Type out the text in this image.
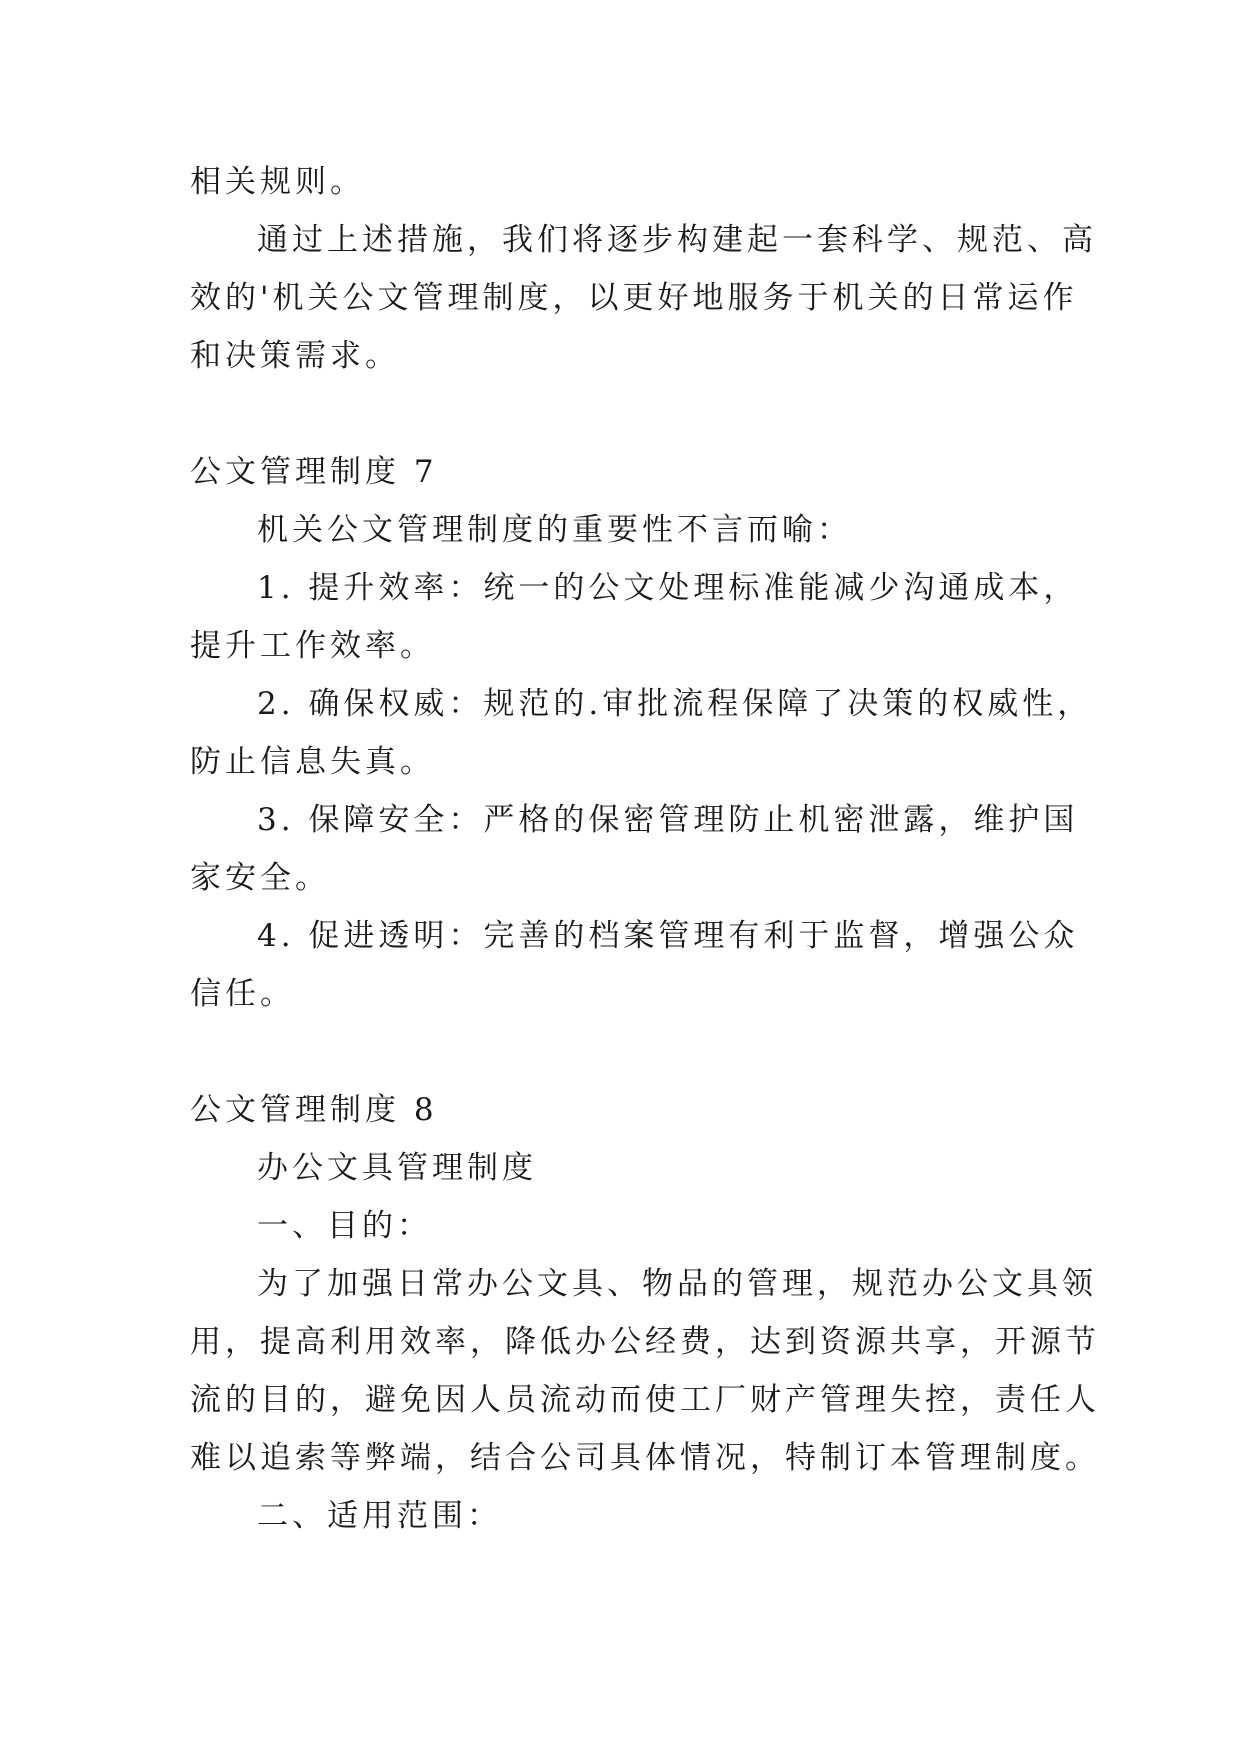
相关规则。
通过上述措施，我们将逐步构建起一套科学、规范、高
效的'机关公文管理制度，以更好地服务于机关的日常运作
和决策需求。
公文管理制度 7
机关公文管理制度的重要性不言而喻：
1. 提升效率：统一的公文处理标准能减少沟通成本，
提升工作效率。
2. 确保权威：规范的.审批流程保障了决策的权威性，
防止信息失真。
3. 保障安全：严格的保密管理防止机密泄露，维护国
家安全。
4. 促进透明：完善的档案管理有利于监督，增强公众
信任。
公文管理制度 8
办公文具管理制度
一、目的：
为了加强日常办公文具、物品的管理，规范办公文具领
用，提高利用效率，降低办公经费，达到资源共享，开源节
流的目的，避免因人员流动而使工厂财产管理失控，责任人
难以追索等弊端，结合公司具体情况，特制订本管理制度。
二、适用范围：
